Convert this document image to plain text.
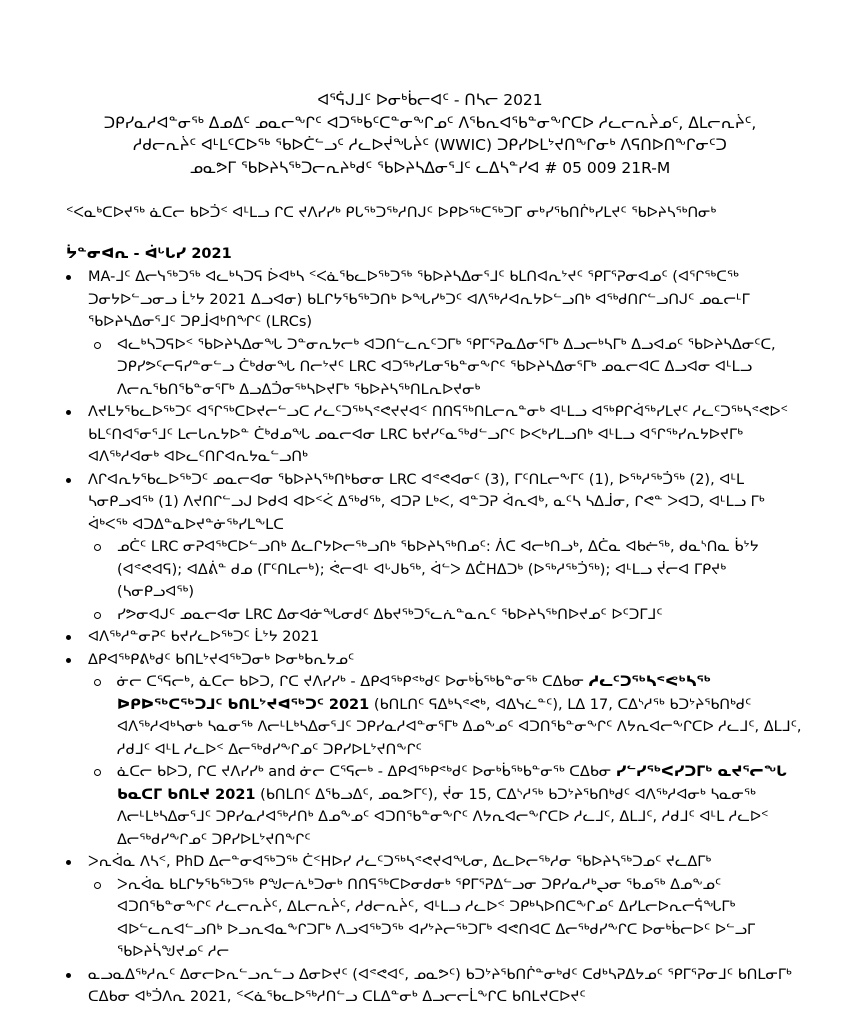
ᐊᕐᕌᒍᒧᑦ ᐅᓂᒃᑳᓕᐊᑦ - ᑎᓴᓕ 2021
ᑐᑭᓯᓇᓱᐊᓐᓂᖅ ᐃᓄᐃᑦ ᓄᓇᓕᖕᒋᑦ ᐊᑐᖅᑲᑦᑕᓐᓂᖕᒋᓄᑦ ᐱᖃᕆᐊᖃᓐᓂᖕᒋᑕᐅ ᓱᓚᓕᕆᔩᓄᑦ, ᐃᒪᓕᕆᔩᑦ,
ᓱᑯᓕᕆᔩᑦ ᐊᒻᒪᑦᑕᐅᖅ ᖃᐅᑖᓪᓗᑦ ᓱᓚᐅᔫᖓᔩᑦ (WWIC) ᑐᑭᓯᐅᒪᔾᔪᑎᖕᒋᓂᒃ ᐱᕋᑎᐅᑎᖕᒋᓂᑦᑐ
ᓄᓇᕗᒥ ᖃᐅᔨᓴᖅᑐᓕᕆᔨᒃᑯᑦ ᖃᐅᔨᓴᐃᓂᕐᒧᑦ ᓚᐃᓴᓐᓯᐊ # 05 009 21R-M
ᑉᐸᓇᒃᑕᐅᔪᖅ ᓈᑕᓕ ᑲᐅᑑᑉ ᐊᒻᒪᓗ ᒋᑕ ᔪᐱᓯᓯᒃ ᑭᒐᖅᑐᖅᓱᑎᒍᑦ ᐅᑭᐅᖅᑕᖅᑐᒥ ᓂᒃᓯᖃᑎᒌᒃᓯᒪᔪᑦ ᖃᐅᔨᓴᖅᑎᓂᒃ
ᔮᓐᓂᐊᕆ - ᐋᒡᒐᓯ 2021
MA-ᒧᑦ ᐃᓕᓭᖅᑐᖅ ᐊᓚᒃᓴᑐᕋ ᐆᐊᒃᓴ ᑉᐸᓈᖃᓚᐅᖅᑐᖅ ᖃᐅᔨᓴᐃᓂᕐᒧᑦ ᑲᒪᑎᐊᕆᔾᔪᑦ ᕿᒥᕐᕈᓂᐊᓄᑦ (ᐊᕐᒋᖅᑕᖅ ᑐᓂᔭᐅᓪᓗᓂᓗ ᒫᔾᔭ 2021 ᐃᓗᐊᓂ) ᑲᒪᒋᔭᖃᖅᑐᑎᒃ ᐅᖓᓯᒃᑐᑦ ᐊᐱᖅᓱᐊᕆᔭᐅᓪᓗᑎᒃ ᐊᖅᑯᑎᒋᓪᓗᑎᒍᑦ ᓄᓇᓕᒻᒥ ᖃᐅᔨᓴᐃᓂᕐᒧᑦ ᑐᑭᒨᐊᒃᑎᖏᑦ (LRCs)
ᐊᓚᒃᓴᑐᕋᐅᑉ ᖃᐅᔨᓴᐃᓂᖓ ᑐᓐᓂᕆᔭᓕᒃ ᐊᑐᑎᓪᓚᕆᑦᑐᒥᒃ ᕿᒥᕐᕈᓇᐃᓂᕐᒥᒃ ᐃᓗᓕᒃᓴᒥᒃ ᐃᓗᐊᓄᑦ ᖃᐅᔨᓴᐃᓂᑦᑕ, ᑐᑭᓯᕗᑦᓕᕋᓯᓐᓂᓪᓗ ᑖᒃᑯᓂᖓ ᑎᓕᔾᔪᑦ LRC ᐊᑐᖅᓯᒪᓂᖃᓐᓂᖕᒋᑦ ᖃᐅᔨᓴᐃᓂᕐᒥᒃ ᓄᓇᓕᐊᑕ ᐃᓗᐊᓂ ᐊᒻᒪᓗ ᐱᓕᕆᖃᑎᖃᓐᓂᕐᒥᒃ ᐃᓗᐃᑑᓂᖅᓴᐅᔪᒥᒃ ᖃᐅᔨᓴᖅᑎᒪᕆᐅᔪᓂᒃ
ᐱᔪᒪᔭᖃᓚᐅᖅᑐᑦ ᐊᕐᒋᖅᑕᐅᔪᓕᓪᓗᑕ ᓱᓚᑦᑐᖅᓴᕝᕙᔪᔪᐊᑉ ᑎᑎᕋᖅᑎᒪᓕᕆᓐᓂᒃ ᐊᒻᒪᓗ ᐊᖅᑭᒋᐋᖅᓯᒪᔪᑦ ᓱᓚᑦᑐᖅᓴᕝᕙᐅᑉ ᑲᒪᑦᑎᐊᕐᓂᕐᒧᑦ ᒪᓕᒐᕆᔭᐅᓐ ᑖᒃᑯᓄᖓ ᓄᓇᓕᐊᓂ LRC ᑲᔪᓯᑦᓇᖅᑯᓪᓗᒋᑦ ᐅᐸᒃᓯᒪᓗᑎᒃ ᐊᒻᒪᓗ ᐊᕐᒋᖅᓯᕆᔭᐅᔪᒥᒃ ᐊᐱᖅᓱᐊᓂᒃ ᐊᐅᓚᑦᑎᒋᐊᕆᔭᓇᓪᓗᑎᒃ
ᐱᒋᐊᕆᔭᖃᓚᐅᖅᑐᑦ ᓄᓇᓕᐊᓂ ᖃᐅᔨᓴᖅᑎᒃᑲᓂᓂ LRC ᐊᕝᕙᐊᓂᑦ (3), ᒥᑦᑎᒪᓕᖕᒥᑦ (1), ᐅᖅᓱᖅᑑᖅ (2), ᐊᒻᒪ ᓴᓂᑭᓗᐊᖅ (1) ᐱᔪᑎᒋᓪᓗᒍ ᐅᑯᐊ ᐊᐅᑉᐹ ᐃᖅᑯᖅ, ᐊᑐᕈ ᒪᒃᐸ, ᐊᓐᑐᕈ ᐋᕆᐊᒃ, ᓇᑦᓴ ᓴᐃᒨᓂ, ᒋᕙᓐ ᐳᐊᑐ, ᐊᒻᒪᓗ ᒥᒃ ᐋᒃᐸᖅ ᐊᑐᐃᓐᓇᐅᔪᓐᓃᖅᓯᒪᖕᒪᑕ
ᓄᑖᑦ LRC ᓂᕈᐊᖅᑕᐅᓪᓗᑎᒃ ᐃᓚᒋᔭᐅᓕᖅᓗᑎᒃ ᖃᐅᔨᓴᖅᑎᓄᑦ: ᐲᑕ ᐊᓕᒃᑎᓗᒃ, ᐃᑖᓇ ᐊᑲᓖᖅ, ᑯᓇᔅᑎᓇ ᑳᔾᔭ (ᐊᕝᕙᐊᕋ); ᐊᐃᕖᓐ ᑯᓄ (ᒥᑦᑎᒪᓕᒃ); ᕚᓕᐊᒻ ᐊᒡᒍᑲᖅ, ᐋᓪᐳ ᐃᑖHᐃᑐᒃ (ᐅᖅᓱᖅᑑᖅ); ᐊᒻᒪᓗ ᔫᓕᐊ ᒥᑭᔪᒃ (ᓴᓂᑭᓗᐊᖅ)
ᓯᕗᓂᐊᒍᑦ ᓄᓇᓕᐊᓂ LRC ᐃᓂᐊᓃᖓᓂᑯᑦ ᐃᑲᔪᖅᑐᕐᓚᕇᓐᓇᕆᑦ ᖃᐅᔨᓴᖅᑎᐅᔪᓄᑦ ᐅᑦᑐᒥᒧᑦ
ᐊᐱᖅᓱᓐᓂᕈᑦ ᑲᔪᓯᓚᐅᖅᑐᑦ ᒫᔾᔭ 2021
ᐃᑭᐊᖅᑭᕕᒃᑯᑦ ᑲᑎᒪᔾᔪᐊᖅᑐᓂᒃ ᐅᓂᒃᑲᕆᔭᓄᑦ
ᓃᓕ ᑕᕐᕋᓕᒃ, ᓈᑕᓕ ᑲᐅᑐ, ᒋᑕ ᔪᐱᓯᓯᒃ - ᐃᑭᐊᖅᑭᕝᒃᑯᑦ ᐅᓂᒃᑳᖅᑲᓐᓂᖅ ᑕᐃᑲᓂ ᓱᓚᑦᑐᖅᓴᕝᕙᒃᓴᖅ ᐅᑭᐅᖅᑕᖅᑐᒧᑦ ᑲᑎᒪᔾᔪᐊᖅᑐᑦ 2021 (ᑲᑎᒪᑎᑦ ᕋᐃᒃᓴᕝᕙᒃ, ᐊᐃᓭᓛᓐᑦ), ᒪᐃ 17, ᑕᐃᔅᓱᖅ ᑲᑐᔾᔨᖃᑎᒃᑯᑦ ᐊᐱᖅᓱᐊᒃᓴᓂᒃ ᓴᓇᓂᖅ ᐱᓕᒻᒪᒃᓴᐃᓂᕐᒧᑦ ᑐᑭᓯᓇᓱᐊᓐᓂᕐᒥᒃ ᐃᓄᖕᓄᑦ ᐊᑐᑎᖃᓐᓂᖕᒋᑦ ᐱᔭᕆᐊᓕᖕᒋᑕᐅ ᓱᓚᒧᑦ, ᐃᒪᒧᑦ, ᓱᑯᒧᑦ ᐊᒻᒪ ᓱᓚᐅᑉ ᐃᓕᖅᑯᓯᖕᒋᓄᑦ ᑐᑭᓯᐅᒪᔾᔪᑎᖕᒋᑦ
ᓈᑕᓕ ᑲᐅᑐ, ᒋᑕ ᔪᐱᓯᓯᒃ and ᓃᓕ ᑕᕐᕋᓕᒃ - ᐃᑭᐊᖅᑭᕝᒃᑯᑦ ᐅᓂᒃᑳᖅᑲᓐᓂᖅ ᑕᐃᑲᓂ ᓯᓪᓯᖅᐸᓯᑐᒥᒃ ᓇᔪᕐᓕᖓ ᑲᓇᑕᒥ ᑲᑎᒪᔪ 2021 (ᑲᑎᒪᑎᑦ ᐃᖃᓗᐃᑦ, ᓄᓇᕗᒥᑦ), ᔫᓂ 15, ᑕᐃᔅᓱᖅ ᑲᑐᔾᔨᖃᑎᒃᑯᑦ ᐊᐱᖅᓱᐊᓂᒃ ᓴᓇᓂᖅ ᐱᓕᒻᒪᒃᓴᐃᓂᕐᒧᑦ ᑐᑭᓯᓇᓱᐊᖅᓱᑎᒃ ᐃᓄᖕᓄᑦ ᐊᑐᑎᖃᓐᓂᖕᒋᑦ ᐱᔭᕆᐊᓕᖕᒋᑕᐅ ᓱᓚᒧᑦ, ᐃᒪᒧᑦ, ᓱᑯᒧᑦ ᐊᒻᒪ ᓱᓚᐅᑉ ᐃᓕᖅᑯᓯᖕᒋᓄᑦ ᑐᑭᓯᐅᒪᔾᔪᑎᖕᒋᑦ
ᐳᕆᐋᓇ ᐱᓴᑉ, PhD ᐃᓕᓐᓂᐊᖅᑐᖅ ᑖᑉHᐅᓯ ᓱᓚᑦᑐᖅᓴᕝᕙᔪᐊᖓᓂ, ᐃᓚᐅᓕᖅᓱᓂ ᖃᐅᔨᓴᖅᑐᓄᑦ ᔪᓚᐃᒥᒃ
ᐳᕆᐋᓇ ᑲᒪᒋᔭᖃᖅᑐᖅ ᑭᖑᓕᕇᒃᑐᓂᒃ ᑎᑎᕋᖅᑕᐅᓂᑯᓂᒃ ᕿᒥᕐᕈᐃᓪᓗᓂ ᑐᑭᓯᓇᓱᒃᖢᓂ ᖃᓄᖅ ᐃᓄᖕᓄᑦ ᐊᑐᑎᖃᓐᓂᖕᒋᑦ ᓱᓚᓕᕆᔩᑦ, ᐃᒪᓕᕆᔩᑦ, ᓱᑯᓕᕆᔩᑦ, ᐊᒻᒪᓗ ᓱᓚᐅᑉ ᑐᑭᒃᓴᐅᑎᑕᖕᒋᓄᑦ ᐃᓯᒪᓕᐅᕆᓕᕌᖓᒥᒃ ᐊᐅᓪᓚᕆᐊᓪᓗᑎᒃ ᐅᓗᕆᐊᓇᖕᒋᑐᒥᒃ ᐱᓗᐊᖅᑐᖅ ᐊᓯᔾᔨᓕᖅᑐᒥᒃ ᐊᕙᑎᐊᑕ ᐃᓕᖅᑯᓯᖕᒋᑕ ᐅᓂᒃᑳᓕᐅᑦ ᐅᓪᓗᒥ ᖃᐅᔨᓵᖑᔪᓄᑦ ᓱᓕ
ᓇᓗᓇᐃᖅᓱᕆᑦ ᐃᓂᓕᐅᕆᓪᓗᕆᓪᓗ ᐃᓂᐅᔪᑦ (ᐊᕝᕙᐊᑦ, ᓄᓇᕗᑦ) ᑲᑐᔾᔨᖃᑎᒌᓐᓂᒃᑯᑦ ᑕᑯᒃᓴᕈᐃᔭᓄᑦ ᕿᒥᕐᕈᓂᒧᑦ ᑲᑎᒪᓂᒥᒃ ᑕᐃᑲᓂ ᐊᒃᑑᐱᕆ 2021, ᑉᐸᓈᖃᓚᐅᖅᓱᑎᓪᓗ ᑕᒪᐃᓐᓂᒃ ᐃᓗᓕᓕᒫᖕᒋᑕ ᑲᑎᒪᔪᑕᐅᔪᑦ
